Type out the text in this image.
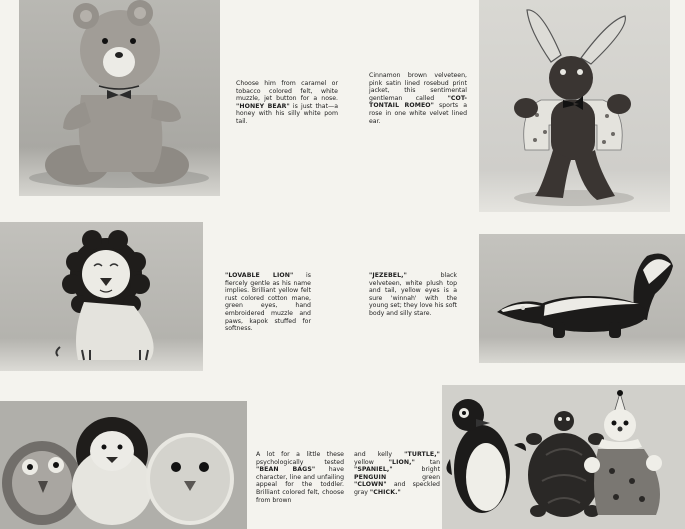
Choose him from caramel or tobacco colored felt, white muzzle, jet button for a nose. "HONEY BEAR" is just that—a honey with his silly white pom tail.
Cinnamon brown velveteen, pink satin lined rosebud print jacket, this sentimental gentleman called "COT-TONTAIL ROMEO" sports a rose in one white velvet lined ear.
"LOVABLE LION" is fiercely gentle as his name implies. Brilliant yellow felt rust colored cotton mane, green eyes, hand embroidered muzzle and paws, kapok stuffed for softness.
"JEZEBEL," black velveteen, white plush top and tail, yellow eyes is a sure 'winnah' with the young set; they love his soft body and silly stare.
A lot for a little these psychologically tested "BEAN BAGS" have character, line and unfailing appeal for the toddler. Brilliant colored felt, choose from brown
and kelly "TURTLE," yellow "LION," tan "SPANIEL," bright PENGUIN green "CLOWN" and speckled gray "CHICK."
